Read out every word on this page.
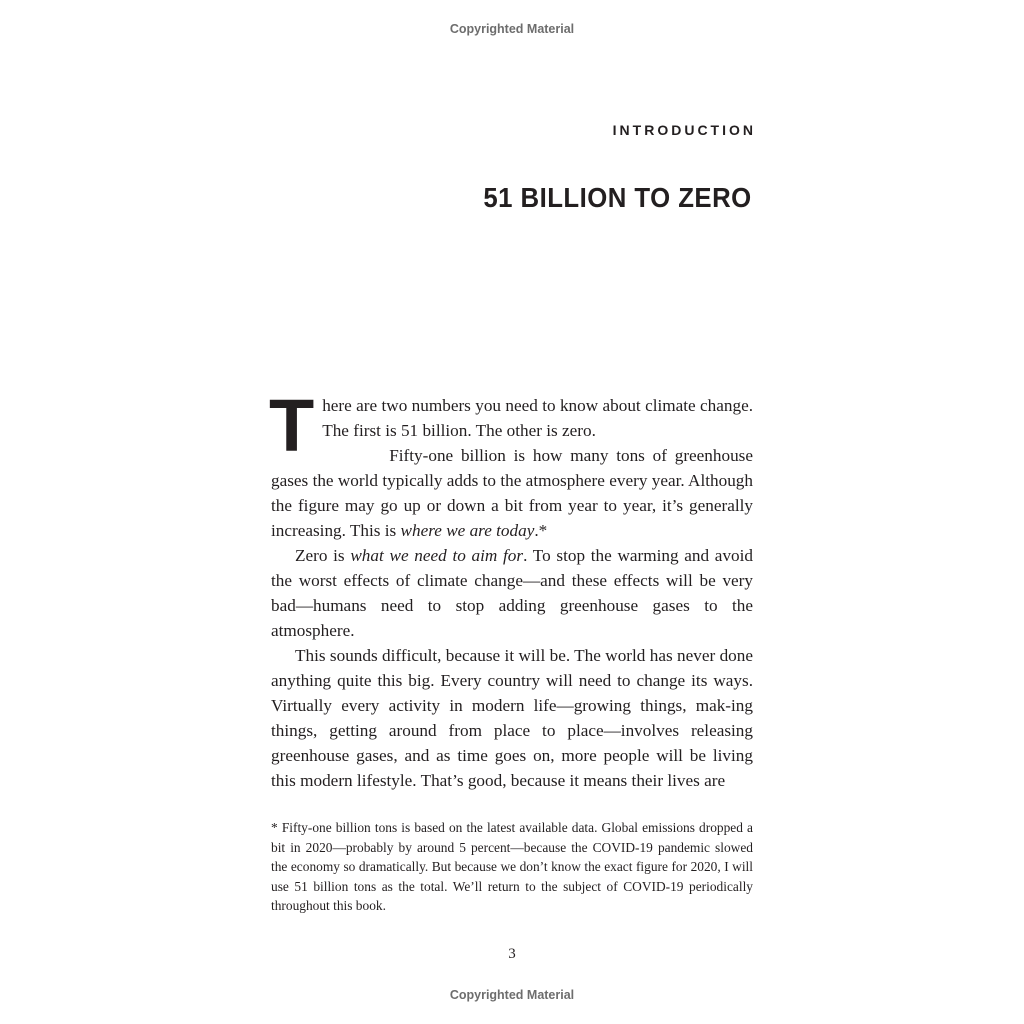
Copyrighted Material
INTRODUCTION
51 BILLION TO ZERO

There are two numbers you need to know about climate change. The first is 51 billion. The other is zero.

Fifty-one billion is how many tons of greenhouse gases the world typically adds to the atmosphere every year. Although the figure may go up or down a bit from year to year, it’s generally increasing. This is where we are today.*

Zero is what we need to aim for. To stop the warming and avoid the worst effects of climate change—and these effects will be very bad—humans need to stop adding greenhouse gases to the atmosphere.

This sounds difficult, because it will be. The world has never done anything quite this big. Every country will need to change its ways. Virtually every activity in modern life—growing things, mak-ing things, getting around from place to place—involves releasing greenhouse gases, and as time goes on, more people will be living this modern lifestyle. That’s good, because it means their lives are

* Fifty-one billion tons is based on the latest available data. Global emissions dropped a bit in 2020—probably by around 5 percent—because the COVID-19 pandemic slowed the economy so dramatically. But because we don’t know the exact figure for 2020, I will use 51 billion tons as the total. We’ll return to the subject of COVID-19 periodically throughout this book.

3
Copyrighted Material
